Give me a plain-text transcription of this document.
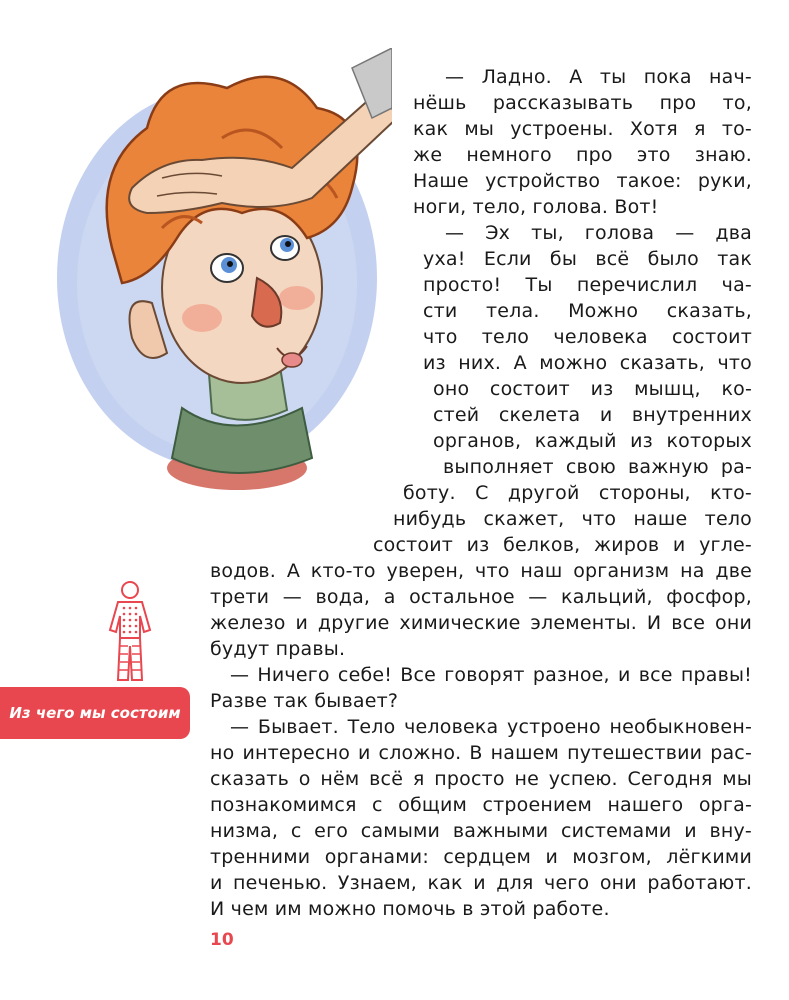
— Ладно. А ты пока нач-
нёшь рассказывать про то,
как мы устроены. Хотя я то-
же немного про это знаю.
Наше устройство такое: руки,
ноги, тело, голова. Вот!
— Эх ты, голова — два
уха! Если бы всё было так
просто! Ты перечислил ча-
сти тела. Можно сказать,
что тело человека состоит
из них. А можно сказать, что
оно состоит из мышц, ко-
стей скелета и внутренних
органов, каждый из которых
выполняет свою важную ра-
боту. С другой стороны, кто-
нибудь скажет, что наше тело
состоит из белков, жиров и угле-
водов. А кто-то уверен, что наш организм на две
трети — вода, а остальное — кальций, фосфор,
железо и другие химические элементы. И все они
будут правы.
— Ничего себе! Все говорят разное, и все правы!
Разве так бывает?
— Бывает. Тело человека устроено необыкновен-
но интересно и сложно. В нашем путешествии рас-
сказать о нём всё я просто не успею. Сегодня мы
познакомимся с общим строением нашего орга-
низма, с его самыми важными системами и вну-
тренними органами: сердцем и мозгом, лёгкими
и печенью. Узнаем, как и для чего они работают.
И чем им можно помочь в этой работе.
Из чего мы состоим
10
